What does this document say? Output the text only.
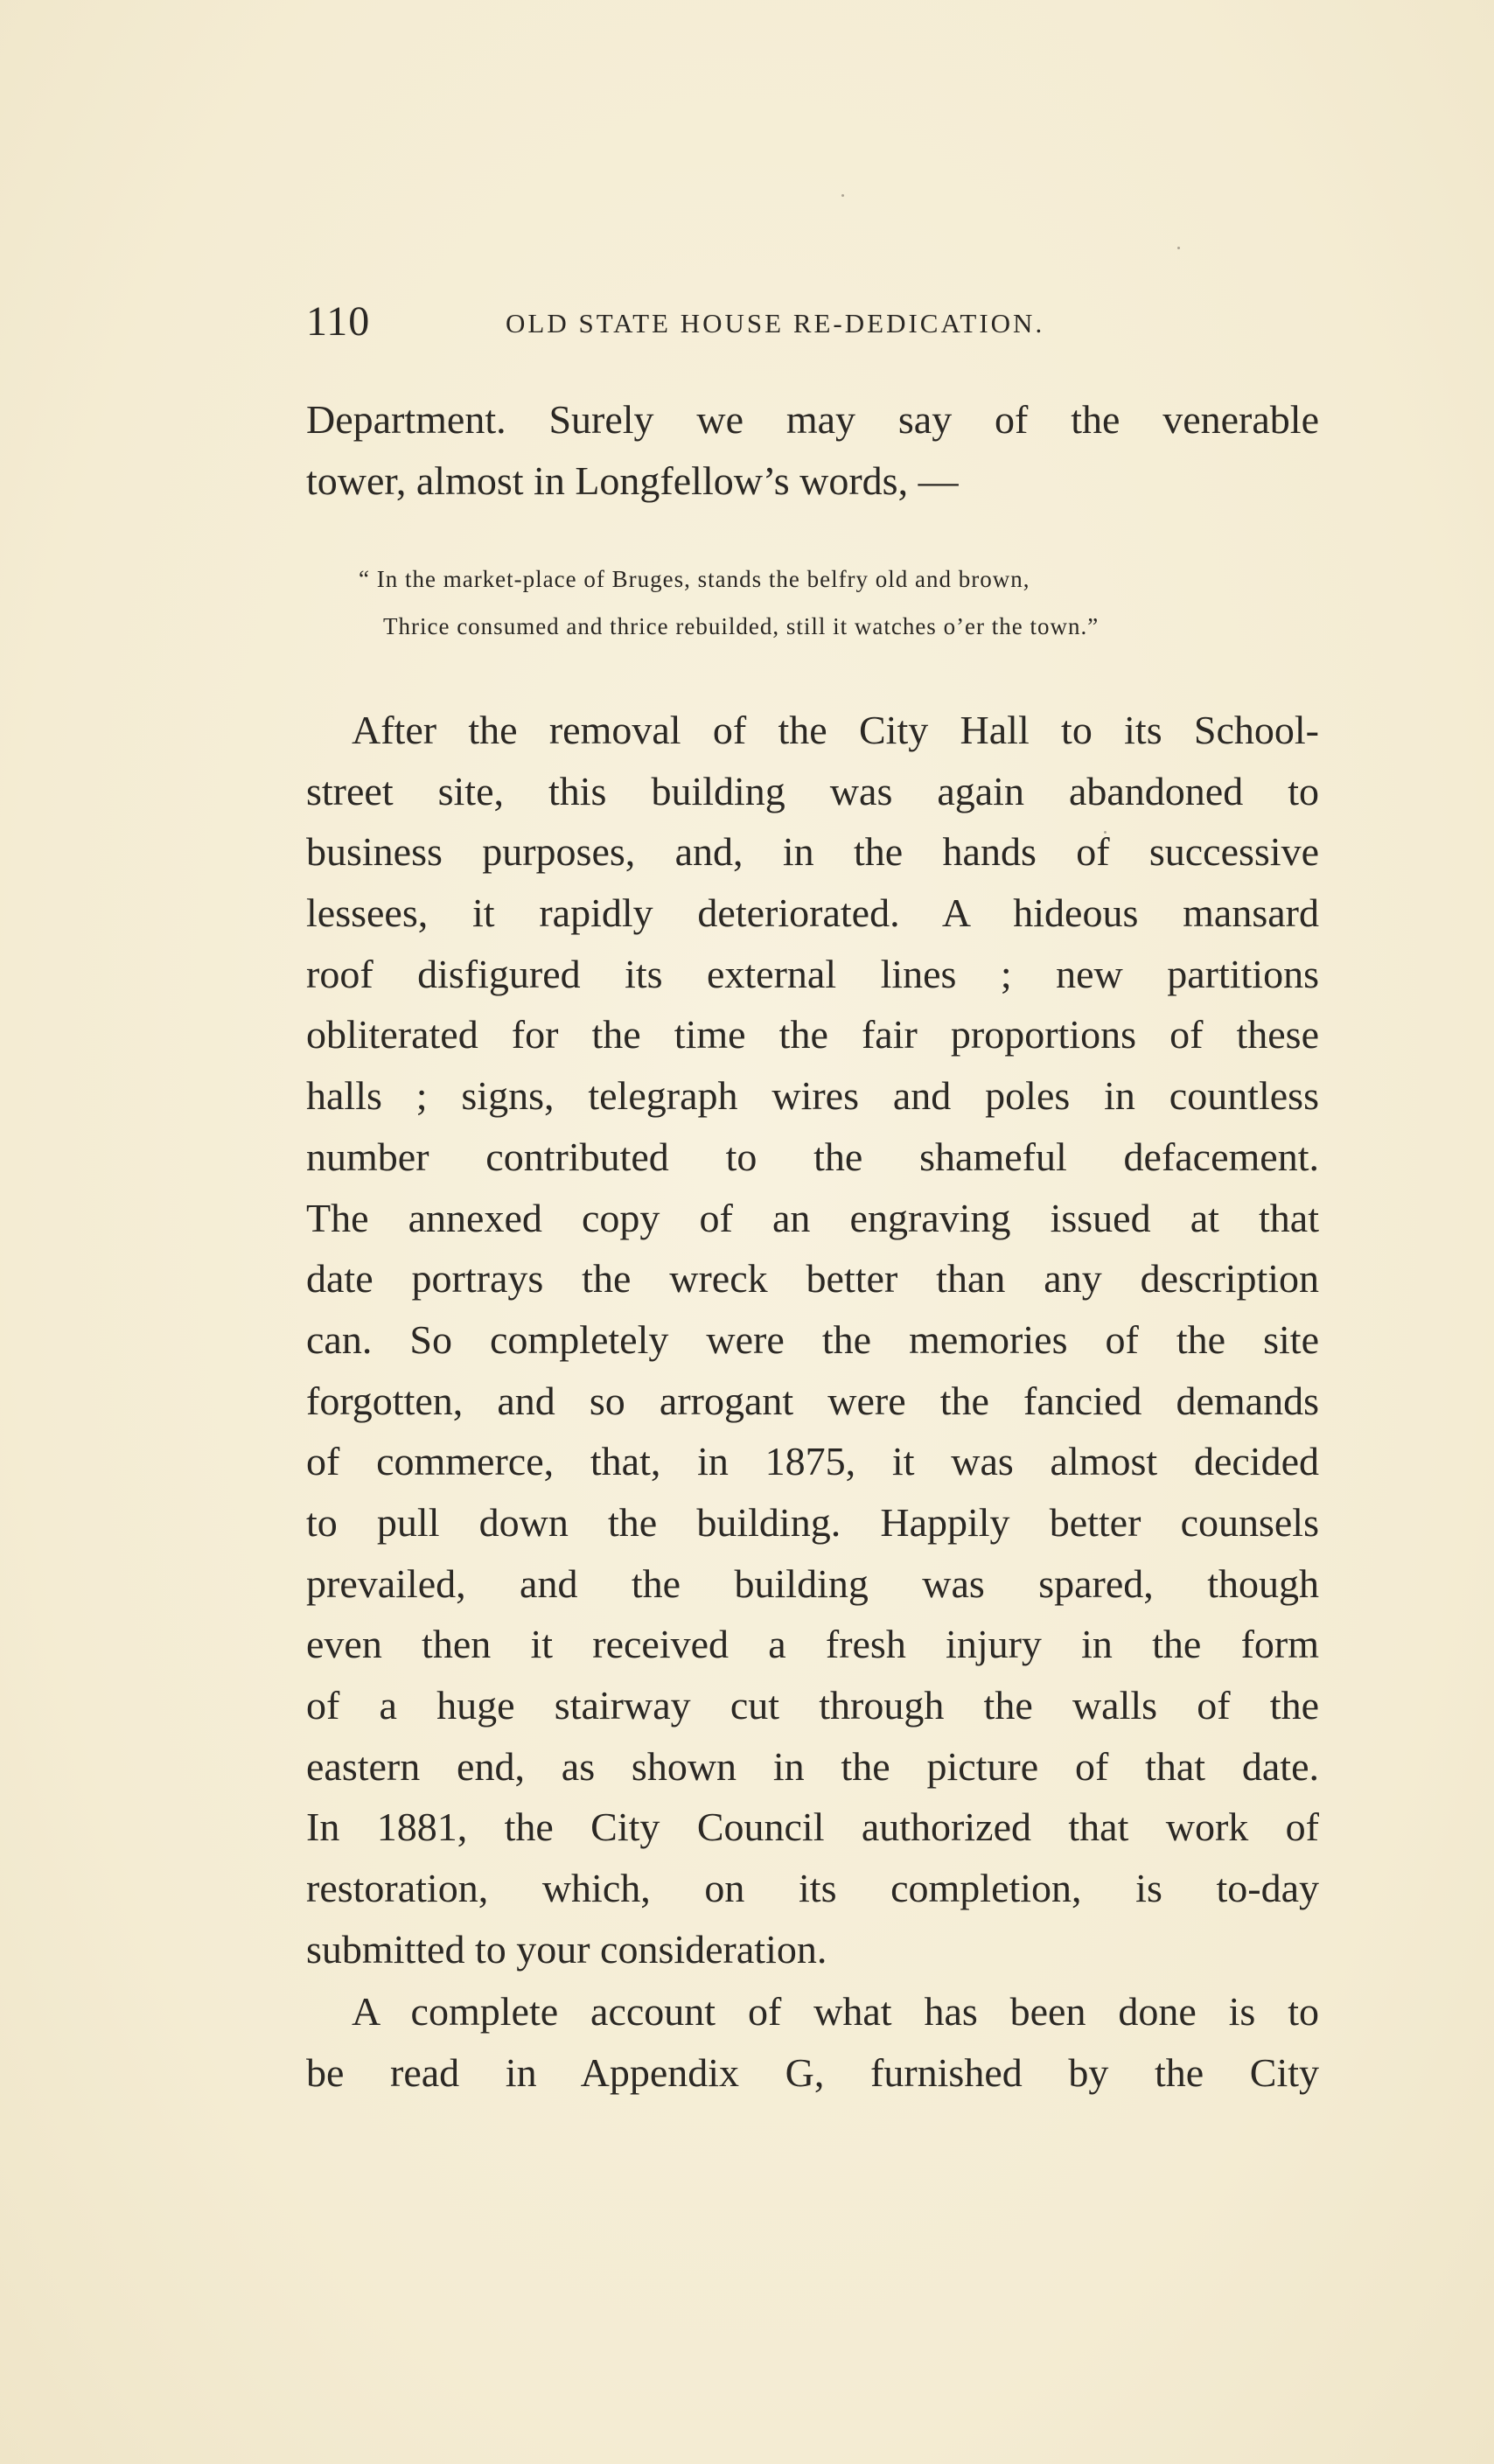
110	OLD STATE HOUSE RE-DEDICATION.
Department. Surely we may say of the venerable
tower, almost in Longfellow’s words, —
“ In the market-place of Bruges, stands the belfry old and brown,
Thrice consumed and thrice rebuilded, still it watches o’er the town.”
After the removal of the City Hall to its School-
street site, this building was again abandoned to
business purposes, and, in the hands of successive
lessees, it rapidly deteriorated. A hideous mansard
roof disfigured its external lines ; new partitions
obliterated for the time the fair proportions of these
halls ; signs, telegraph wires and poles in countless
number contributed to the shameful defacement.
The annexed copy of an engraving issued at that
date portrays the wreck better than any description
can. So completely were the memories of the site
forgotten, and so arrogant were the fancied demands
of commerce, that, in 1875, it was almost decided
to pull down the building. Happily better counsels
prevailed, and the building was spared, though
even then it received a fresh injury in the form
of a huge stairway cut through the walls of the
eastern end, as shown in the picture of that date.
In 1881, the City Council authorized that work of
restoration, which, on its completion, is to-day
submitted to your consideration.
A complete account of what has been done is to
be read in Appendix G, furnished by the City
